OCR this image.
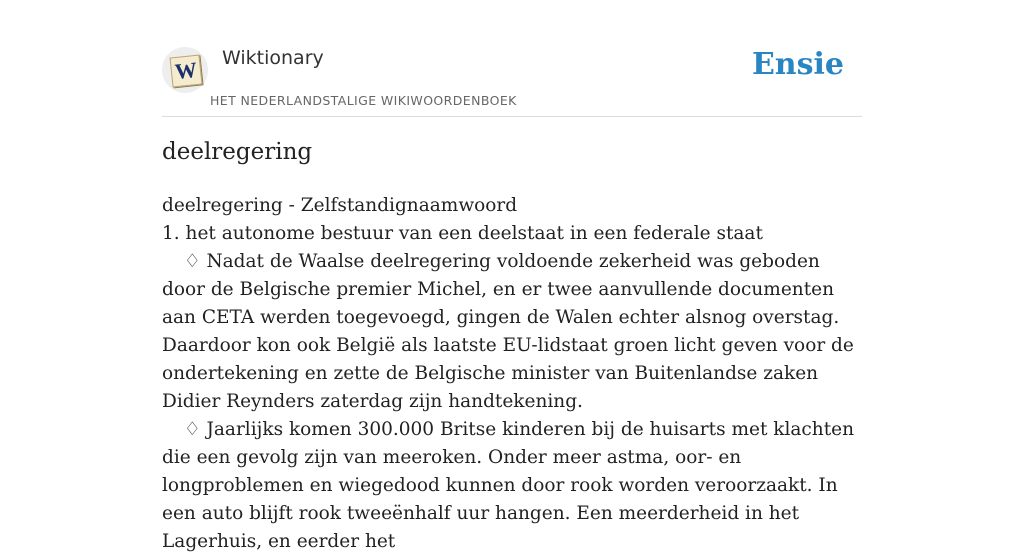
W Wiktionary
HET NEDERLANDSTALIGE WIKIWOORDENBOEK
Ensie
deelregering

deelregering - Zelfstandignaamwoord

1. het autonome bestuur van een deelstaat in een federale staat

♢ Nadat de Waalse deelregering voldoende zekerheid was geboden door de Belgische premier Michel, en er twee aanvullende documenten aan CETA werden toegevoegd, gingen de Walen echter alsnog overstag. Daardoor kon ook België als laatste EU-lidstaat groen licht geven voor de ondertekening en zette de Belgische minister van Buitenlandse zaken Didier Reynders zaterdag zijn handtekening.

♢ Jaarlijks komen 300.000 Britse kinderen bij de huisarts met klachten die een gevolg zijn van meeroken. Onder meer astma, oor- en longproblemen en wiegedood kunnen door rook worden veroorzaakt. In een auto blijft rook tweeënhalf uur hangen. Een meerderheid in het Lagerhuis, en eerder het
